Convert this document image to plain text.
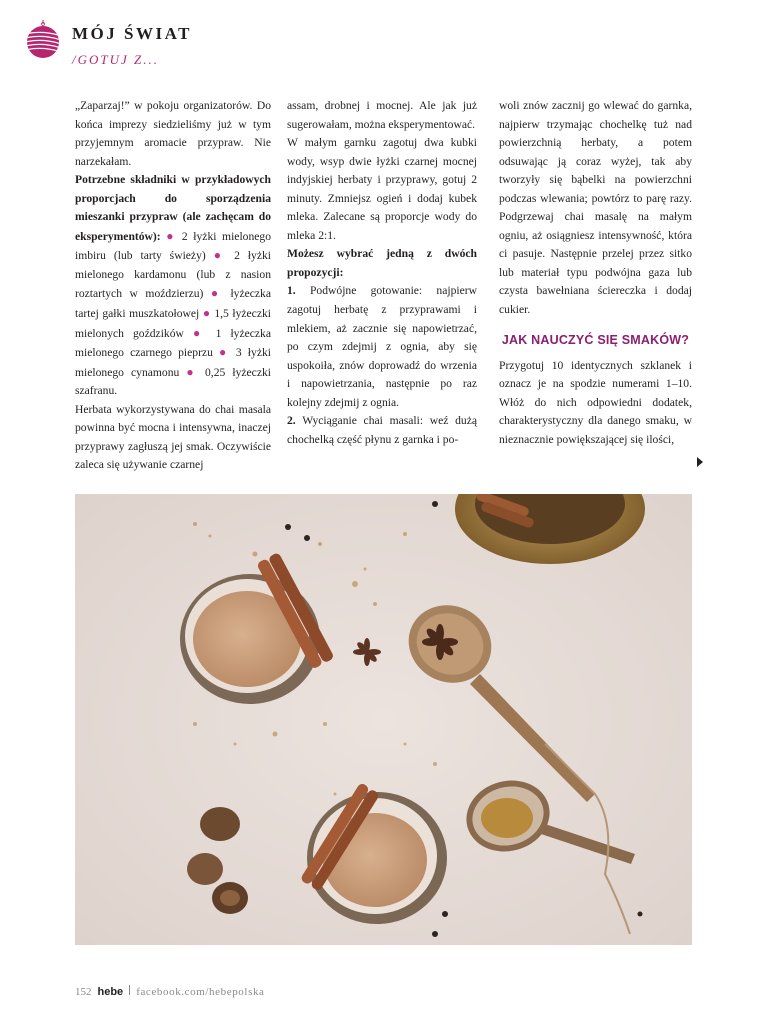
MÓJ ŚWIAT
/GOTUJ Z...

„Zaparzaj!” w pokoju organizatorów. Do końca imprezy siedzieliśmy już w tym przyjemnym aromacie przypraw. Nie narzekałam.

Potrzebne składniki w przykładowych proporcjach do sporządzenia mieszanki przypraw (ale zachęcam do eksperymentów): ● 2 łyżki mielonego imbiru (lub tarty świeży) ● 2 łyżki mielonego kardamonu (lub z nasion roztartych w moździerzu) ● łyżeczka tartej gałki muszkatołowej ● 1,5 łyżeczki mielonych goździków ● 1 łyżeczka mielonego czarnego pieprzu ● 3 łyżki mielonego cynamonu ● 0,25 łyżeczki szafranu.

Herbata wykorzystywana do chai masala powinna być mocna i intensywna, inaczej przyprawy zagłuszą jej smak. Oczywiście zaleca się używanie czarnej

assam, drobnej i mocnej. Ale jak już sugerowałam, można eksperymentować.

W małym garnku zagotuj dwa kubki wody, wsyp dwie łyżki czarnej mocnej indyjskiej herbaty i przyprawy, gotuj 2 minuty. Zmniejsz ogień i dodaj kubek mleka. Zalecane są proporcje wody do mleka 2:1.

Możesz wybrać jedną z dwóch propozycji:

1. Podwójne gotowanie: najpierw zagotuj herbatę z przyprawami i mlekiem, aż zacznie się napowietrzać, po czym zdejmij z ognia, aby się uspokoiła, znów doprowadź do wrzenia i napowietrzania, następnie po raz kolejny zdejmij z ognia.

2. Wyciąganie chai masali: weź dużą chochelką część płynu z garnka i po-

woli znów zacznij go wlewać do garnka, najpierw trzymając chochelkę tuż nad powierzchnią herbaty, a potem odsuwając ją coraz wyżej, tak aby tworzyły się bąbelki na powierzchni podczas wlewania; powtórz to parę razy. Podgrzewaj chai masalę na małym ogniu, aż osiągniesz intensywność, która ci pasuje. Następnie przelej przez sitko lub materiał typu podwójna gaza lub czysta bawełniana ściereczka i dodaj cukier.

JAK NAUCZYĆ SIĘ SMAKÓW?

Przygotuj 10 identycznych szklanek i oznacz je na spodzie numerami 1–10. Włóż do nich odpowiedni dodatek, charakterystyczny dla danego smaku, w nieznacznie powiększającej się ilości,

152 hebe facebook.com/hebepolska
